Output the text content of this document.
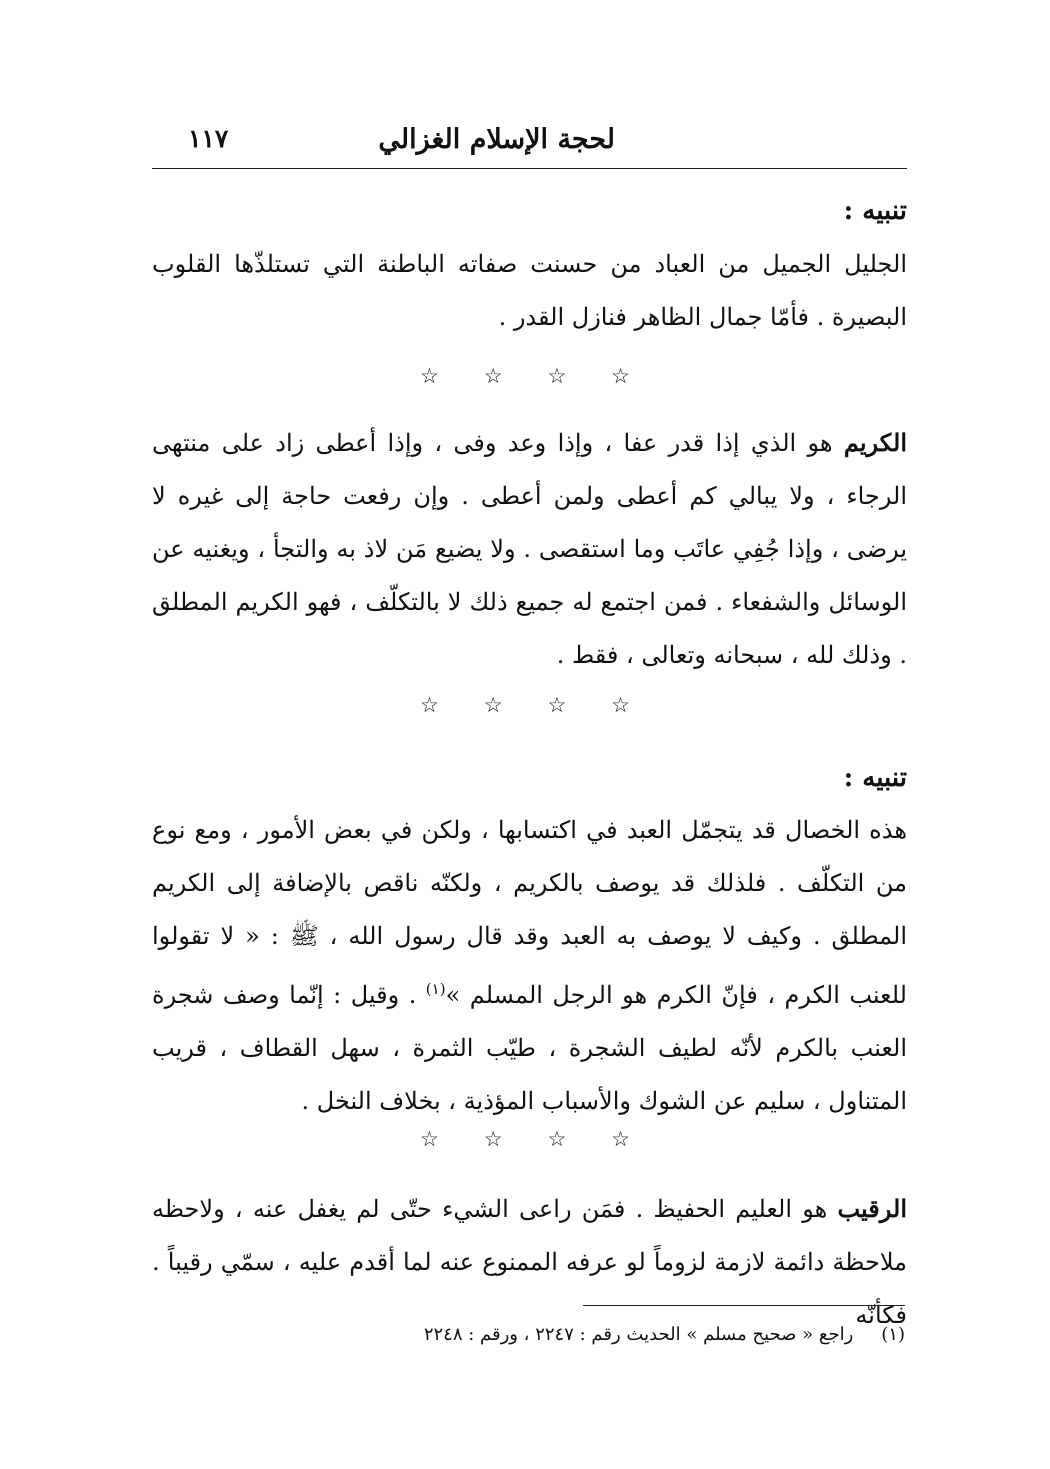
لحجة الإسلام الغزالي
١١٧
تنبيه :
الجليل الجميل من العباد من حسنت صفاته الباطنة التي تستلذّها القلوب البصيرة . فأمّا جمال الظاهر فنازل القدر .
☆ ☆ ☆ ☆
الكريم هو الذي إذا قدر عفا ، وإذا وعد وفى ، وإذا أعطى زاد على منتهى الرجاء ، ولا يبالي كم أعطى ولمن أعطى . وإن رفعت حاجة إلى غيره لا يرضى ، وإذا جُفِي عاتَب وما استقصى . ولا يضيع مَن لاذ به والتجأ ، ويغنيه عن الوسائل والشفعاء . فمن اجتمع له جميع ذلك لا بالتكلّف ، فهو الكريم المطلق . وذلك لله ، سبحانه وتعالى ، فقط .
☆ ☆ ☆ ☆
تنبيه :
هذه الخصال قد يتجمّل العبد في اكتسابها ، ولكن في بعض الأمور ، ومع نوع من التكلّف . فلذلك قد يوصف بالكريم ، ولكنّه ناقص بالإضافة إلى الكريم المطلق . وكيف لا يوصف به العبد وقد قال رسول الله ، ﷺ : « لا تقولوا للعنب الكرم ، فإنّ الكرم هو الرجل المسلم »$^{(١)}$ . وقيل : إنّما وصف شجرة العنب بالكرم لأنّه لطيف الشجرة ، طيّب الثمرة ، سهل القطاف ، قريب المتناول ، سليم عن الشوك والأسباب المؤذية ، بخلاف النخل .
☆ ☆ ☆ ☆
الرقيب هو العليم الحفيظ . فمَن راعى الشيء حتّى لم يغفل عنه ، ولاحظه ملاحظة دائمة لازمة لزوماً لو عرفه الممنوع عنه لما أقدم عليه ، سمّي رقيباً . فكأنّه
(١)
راجع « صحيح مسلم » الحديث رقم : ٢٢٤٧ ، ورقم : ٢٢٤٨
